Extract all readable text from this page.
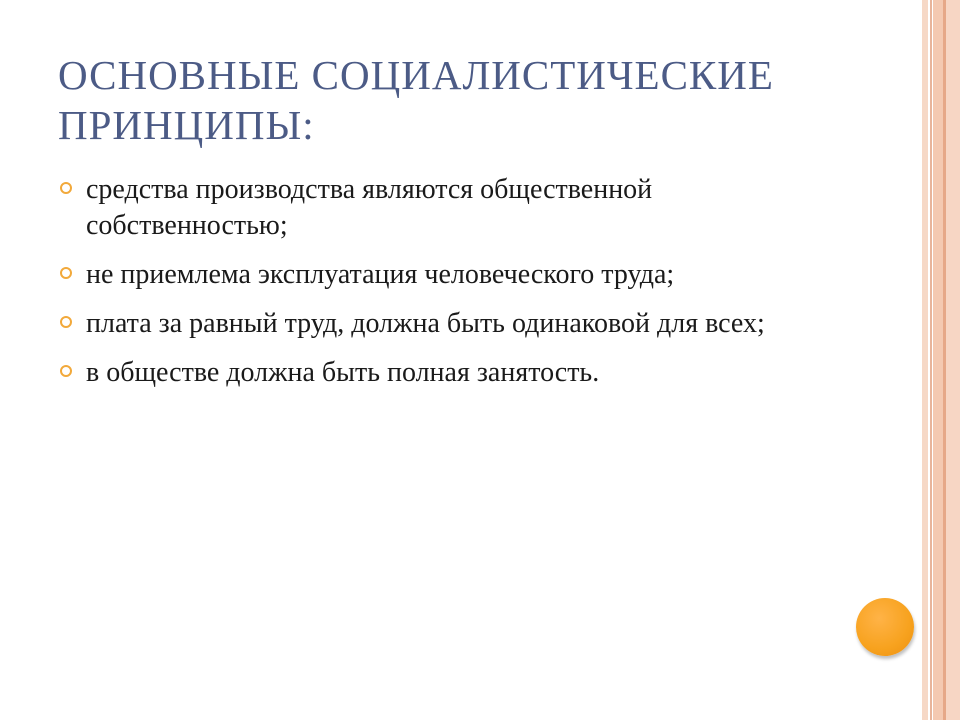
ОСНОВНЫЕ СОЦИАЛИСТИЧЕСКИЕ ПРИНЦИПЫ:
средства производства являются общественной собственностью;
не приемлема эксплуатация человеческого труда;
плата за равный труд, должна быть одинаковой для всех;
в обществе должна быть полная занятость.
